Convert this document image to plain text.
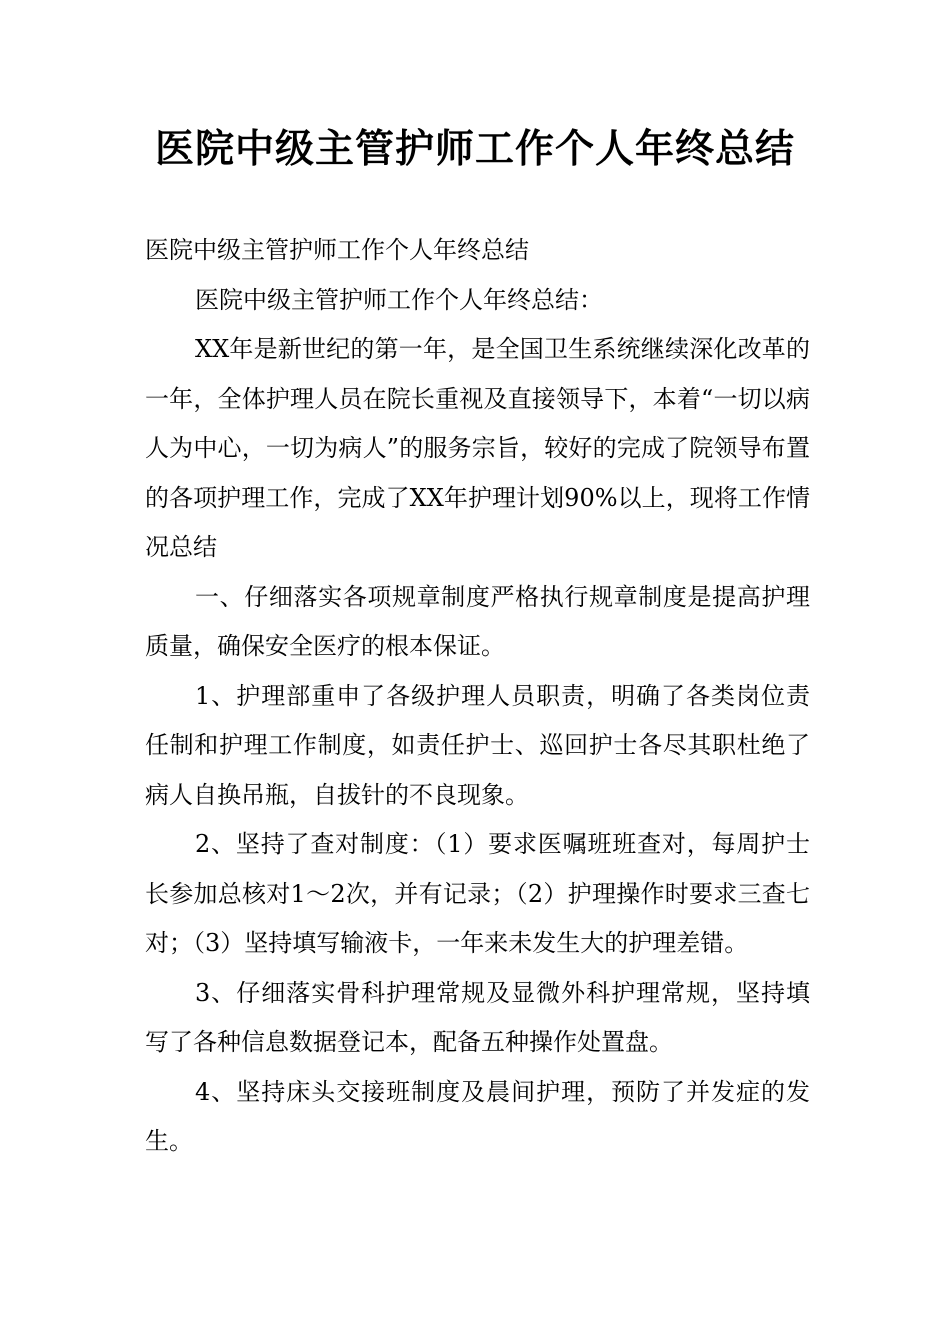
医院中级主管护师工作个人年终总结

医院中级主管护师工作个人年终总结

医院中级主管护师工作个人年终总结：

XX年是新世纪的第一年，是全国卫生系统继续深化改革的一年，全体护理人员在院长重视及直接领导下，本着“一切以病人为中心，一切为病人”的服务宗旨，较好的完成了院领导布置的各项护理工作，完成了XX年护理计划90%以上，现将工作情况总结

一、仔细落实各项规章制度严格执行规章制度是提高护理质量，确保安全医疗的根本保证。

1、护理部重申了各级护理人员职责，明确了各类岗位责任制和护理工作制度，如责任护士、巡回护士各尽其职杜绝了病人自换吊瓶，自拔针的不良现象。

2、坚持了查对制度：（1）要求医嘱班班查对，每周护士长参加总核对1～2次，并有记录；（2）护理操作时要求三查七对；（3）坚持填写输液卡，一年来未发生大的护理差错。

3、仔细落实骨科护理常规及显微外科护理常规，坚持填写了各种信息数据登记本，配备五种操作处置盘。

4、坚持床头交接班制度及晨间护理，预防了并发症的发生。
